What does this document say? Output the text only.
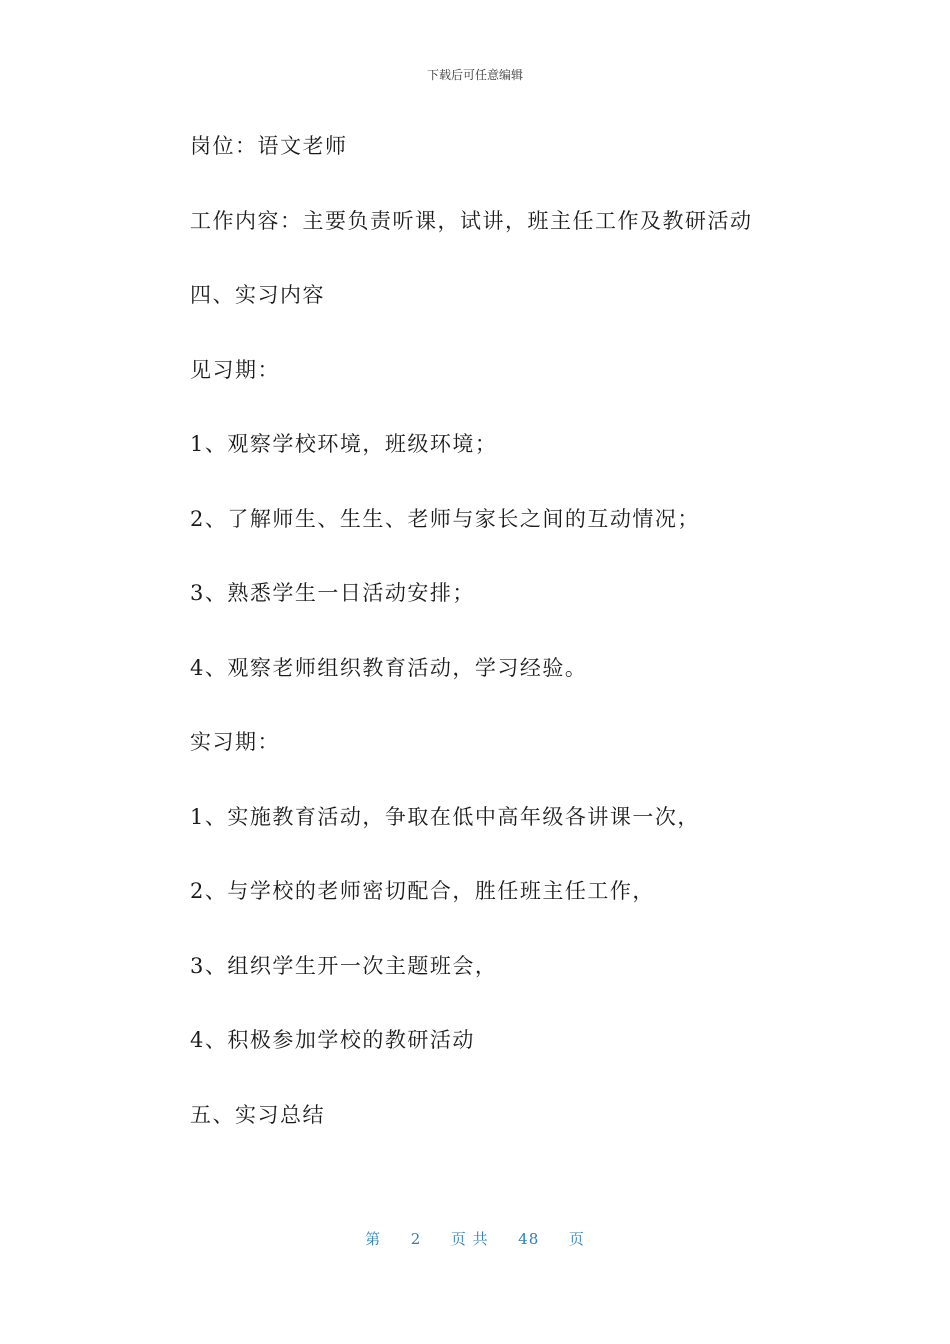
下载后可任意编辑
岗位：语文老师
工作内容：主要负责听课，试讲，班主任工作及教研活动
四、实习内容
见习期：
1、观察学校环境，班级环境；
2、了解师生、生生、老师与家长之间的互动情况；
3、熟悉学生一日活动安排；
4、观察老师组织教育活动，学习经验。
实习期：
1、实施教育活动，争取在低中高年级各讲课一次，
2、与学校的老师密切配合，胜任班主任工作，
3、组织学生开一次主题班会，
4、积极参加学校的教研活动
五、实习总结
第 2 页 共 48 页
